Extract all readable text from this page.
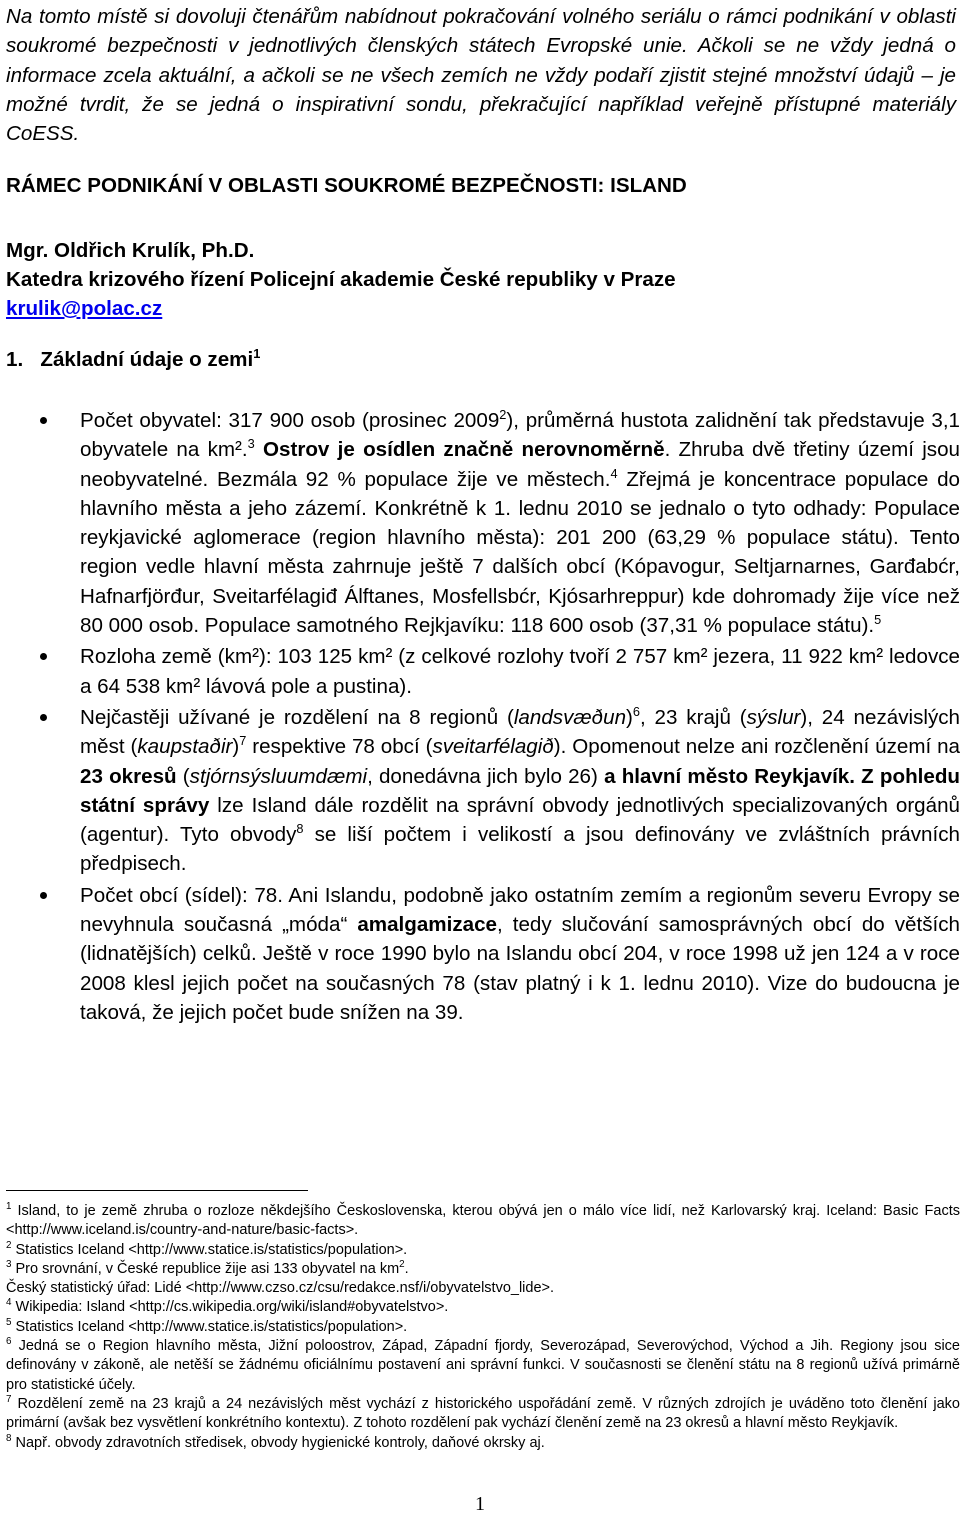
Na tomto místě si dovoluji čtenářům nabídnout pokračování volného seriálu o rámci podnikání v oblasti soukromé bezpečnosti v jednotlivých členských státech Evropské unie. Ačkoli se ne vždy jedná o informace zcela aktuální, a ačkoli se ne všech zemích ne vždy podaří zjistit stejné množství údajů – je možné tvrdit, že se jedná o inspirativní sondu, překračující například veřejně přístupné materiály CoESS.

RÁMEC PODNIKÁNÍ V OBLASTI SOUKROMÉ BEZPEČNOSTI: ISLAND
Mgr. Oldřich Krulík, Ph.D.
Katedra krizového řízení Policejní akademie České republiky v Praze
krulik@polac.cz
1. Základní údaje o zemi$^1$
Počet obyvatel: 317 900 osob (prosinec 2009$^2$), průměrná hustota zalidnění tak představuje 3,1 obyvatele na km².$^3$ Ostrov je osídlen značně nerovnoměrně. Zhruba dvě třetiny území jsou neobyvatelné. Bezmála 92 % populace žije ve městech.$^4$ Zřejmá je koncentrace populace do hlavního města a jeho zázemí. Konkrétně k 1. lednu 2010 se jednalo o tyto odhady: Populace reykjavické aglomerace (region hlavního města): 201 200 (63,29 % populace státu). Tento region vedle hlavní města zahrnuje ještě 7 dalších obcí (Kópavogur, Seltjarnarnes, Garđabćr, Hafnarfjörđur, Sveitarfélagiđ Álftanes, Mosfellsbćr, Kjósarhreppur) kde dohromady žije více než 80 000 osob. Populace samotného Rejkjavíku: 118 600 osob (37,31 % populace státu).$^5$
Rozloha země (km²): 103 125 km² (z celkové rozlohy tvoří 2 757 km² jezera, 11 922 km² ledovce a 64 538 km² lávová pole a pustina).
Nejčastěji užívané je rozdělení na 8 regionů (landsvæðun)$^6$, 23 krajů (sýslur), 24 nezávislých měst (kaupstaðir)$^7$ respektive 78 obcí (sveitarfélagið). Opomenout nelze ani rozčlenění území na 23 okresů (stjórnsýsluumdæmi, donedávna jich bylo 26) a hlavní město Reykjavík. Z pohledu státní správy lze Island dále rozdělit na správní obvody jednotlivých specializovaných orgánů (agentur). Tyto obvody$^8$ se liší počtem i velikostí a jsou definovány ve zvláštních právních předpisech.
Počet obcí (sídel): 78. Ani Islandu, podobně jako ostatním zemím a regionům severu Evropy se nevyhnula současná „móda“ amalgamizace, tedy slučování samosprávných obcí do větších (lidnatějších) celků. Ještě v roce 1990 bylo na Islandu obcí 204, v roce 1998 už jen 124 a v roce 2008 klesl jejich počet na současných 78 (stav platný i k 1. lednu 2010). Vize do budoucna je taková, že jejich počet bude snížen na 39.

$^1$ Island, to je země zhruba o rozloze někdejšího Československa, kterou obývá jen o málo více lidí, než Karlovarský kraj. Iceland: Basic Facts <http://www.iceland.is/country-and-nature/basic-facts>.

$^2$ Statistics Iceland <http://www.statice.is/statistics/population>.

$^3$ Pro srovnání, v České republice žije asi 133 obyvatel na $km^2$.

Český statistický úřad: Lidé <http://www.czso.cz/csu/redakce.nsf/i/obyvatelstvo_lide>.

$^4$ Wikipedia: Island <http://cs.wikipedia.org/wiki/island#obyvatelstvo>.

$^5$ Statistics Iceland <http://www.statice.is/statistics/population>.

$^6$ Jedná se o Region hlavního města, Jižní poloostrov, Západ, Západní fjordy, Severozápad, Severovýchod, Východ a Jih. Regiony jsou sice definovány v zákoně, ale netěší se žádnému oficiálnímu postavení ani správní funkci. V současnosti se členění státu na 8 regionů užívá primárně pro statistické účely.

$^7$ Rozdělení země na 23 krajů a 24 nezávislých měst vychází z historického uspořádání země. V různých zdrojích je uváděno toto členění jako primární (avšak bez vysvětlení konkrétního kontextu). Z tohoto rozdělení pak vychází členění země na 23 okresů a hlavní město Reykjavík.

$^8$ Např. obvody zdravotních středisek, obvody hygienické kontroly, daňové okrsky aj.

1
